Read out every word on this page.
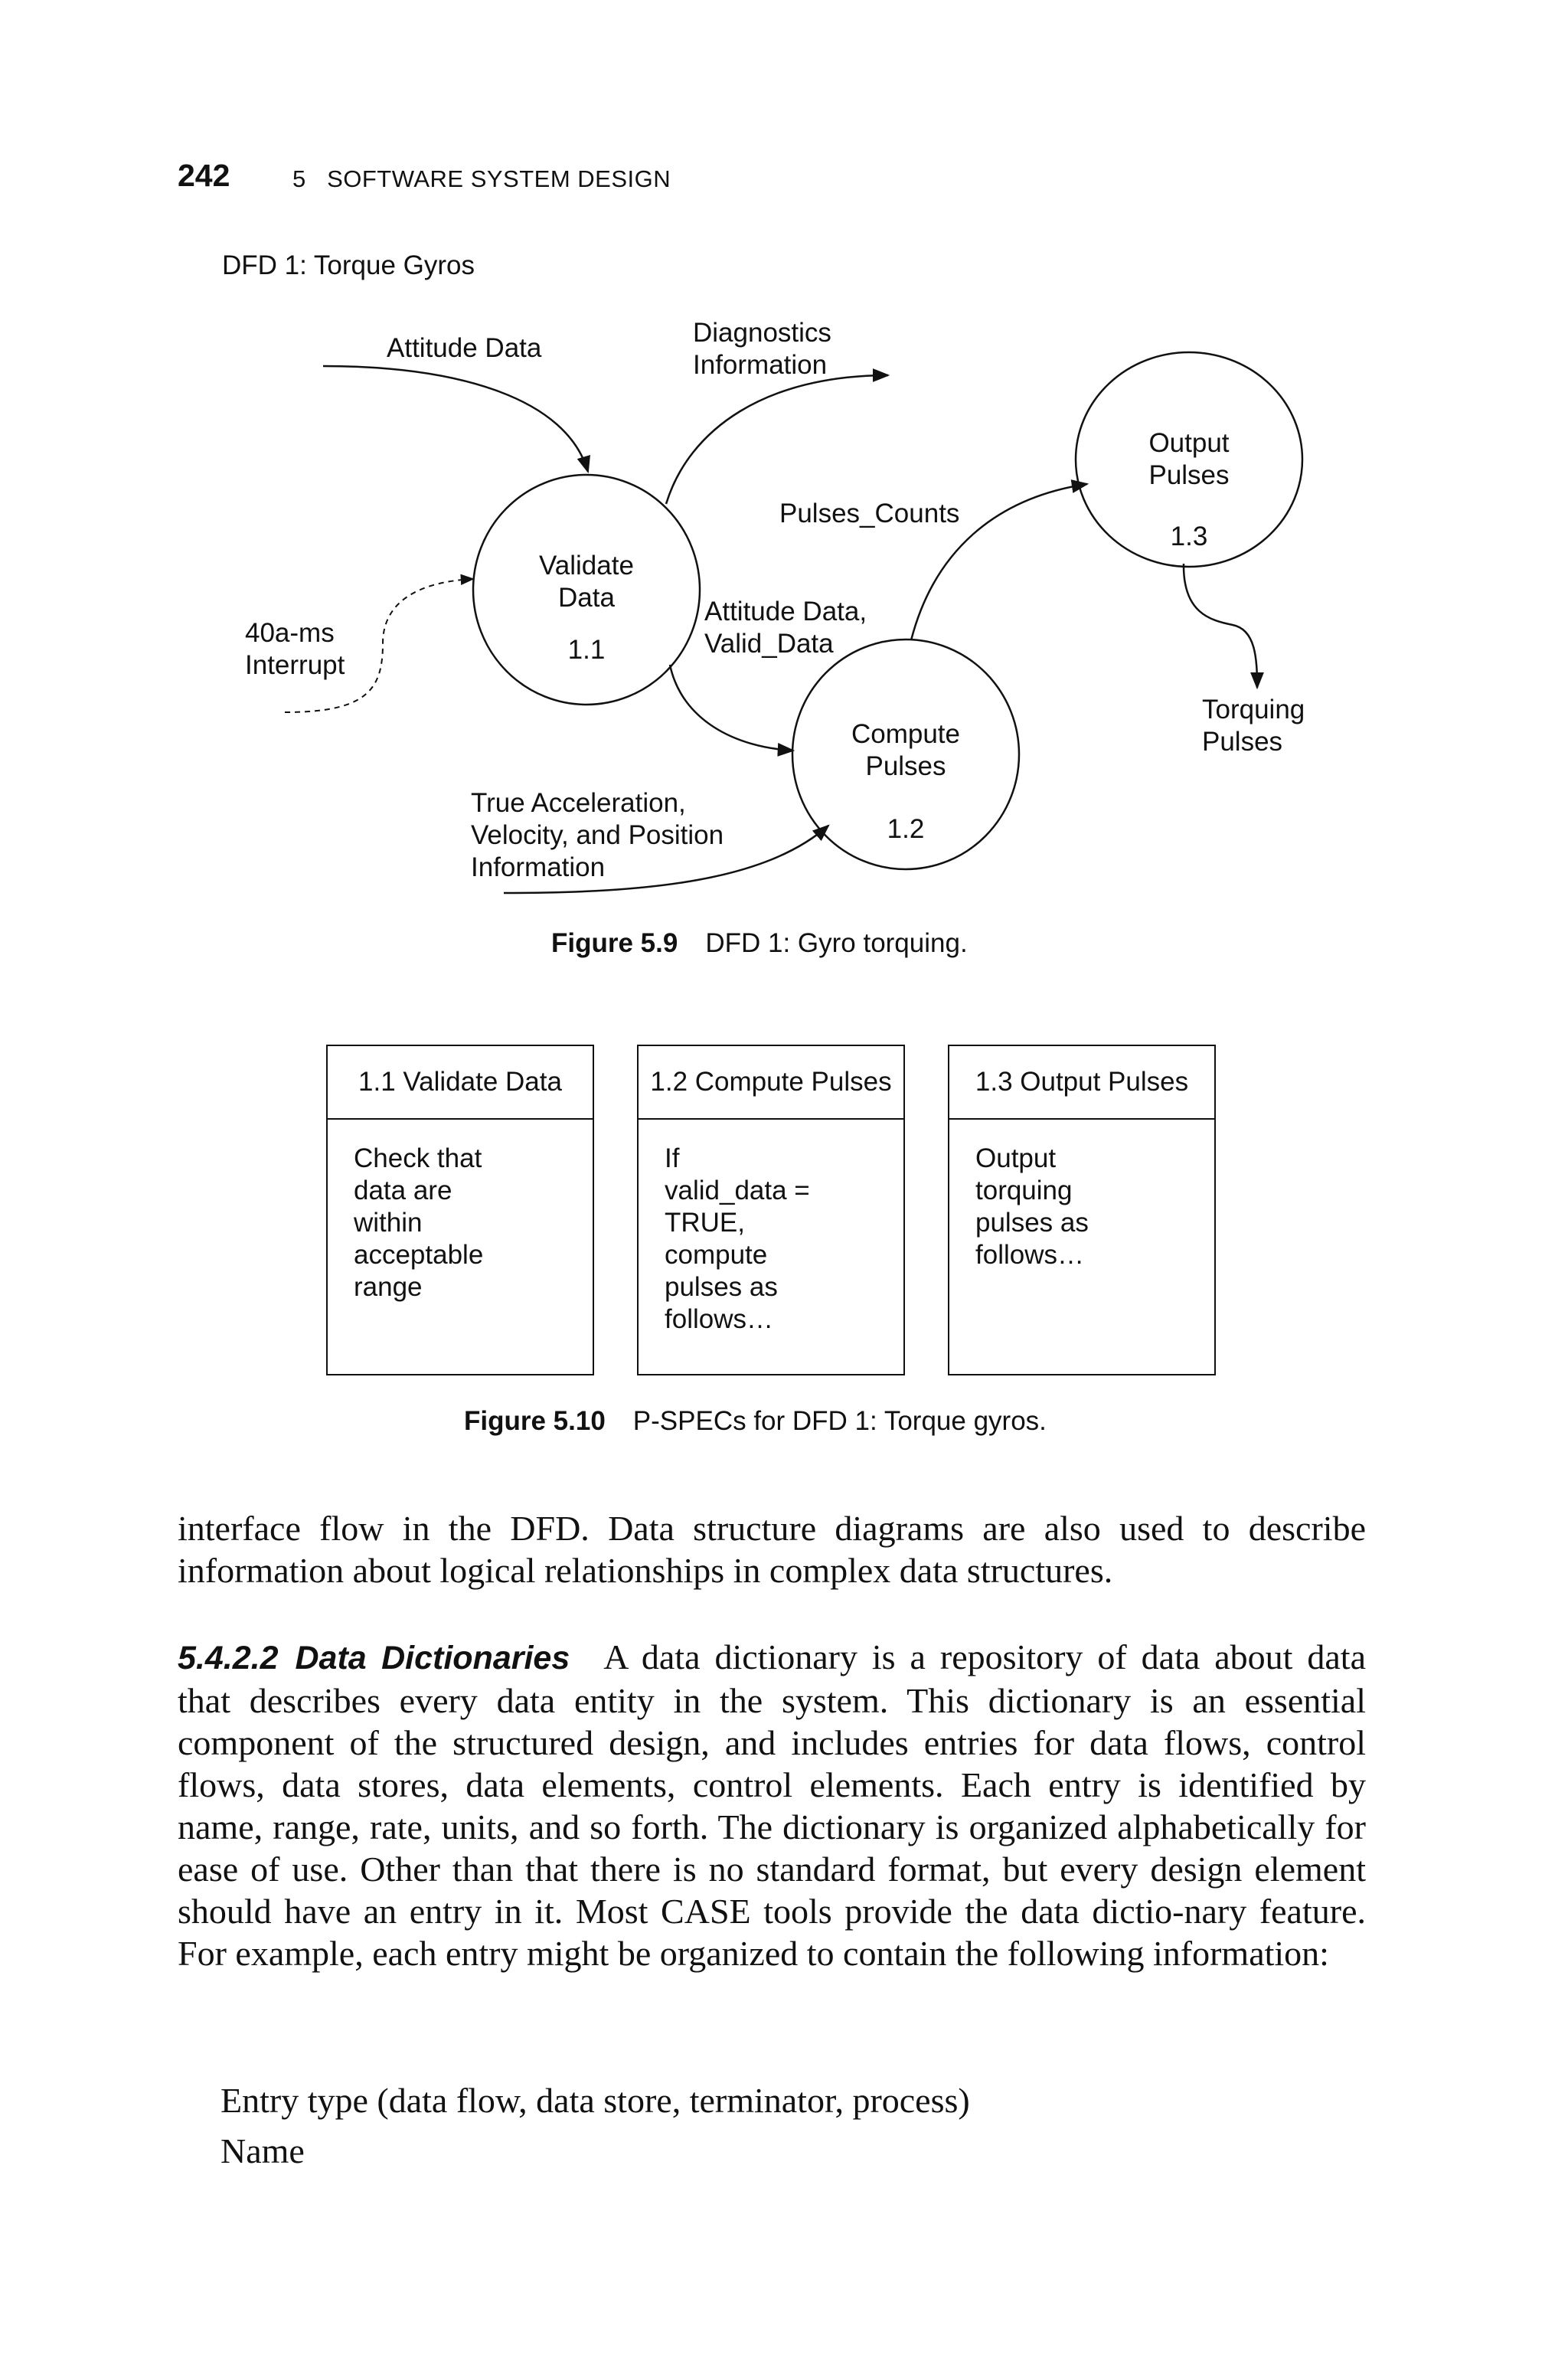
242	5   SOFTWARE SYSTEM DESIGN
DFD 1: Torque Gyros
Validate
Data
1.1
Compute
Pulses
1.2
Output
Pulses
1.3
Attitude Data
Diagnostics
Information
Pulses_Counts
Attitude Data,
Valid_Data
40a-ms
Interrupt
True Acceleration,
Velocity, and Position
Information
Torquing
Pulses
Figure 5.9 DFD 1: Gyro torquing.
1.1 Validate Data
Check that
data are
within
acceptable
range
1.2 Compute Pulses
If
valid_data =
TRUE,
compute
pulses as
follows…
1.3 Output Pulses
Output
torquing
pulses as
follows…
Figure 5.10 P-SPECs for DFD 1: Torque gyros.

interface flow in the DFD. Data structure diagrams are also used to describe information about logical relationships in complex data structures.

5.4.2.2 Data Dictionaries A data dictionary is a repository of data about data that describes every data entity in the system. This dictionary is an essential component of the structured design, and includes entries for data flows, control flows, data stores, data elements, control elements. Each entry is identified by name, range, rate, units, and so forth. The dictionary is organized alphabetically for ease of use. Other than that there is no standard format, but every design element should have an entry in it. Most CASE tools provide the data dictio-nary feature. For example, each entry might be organized to contain the following information:

Entry type (data flow, data store, terminator, process)
Name
